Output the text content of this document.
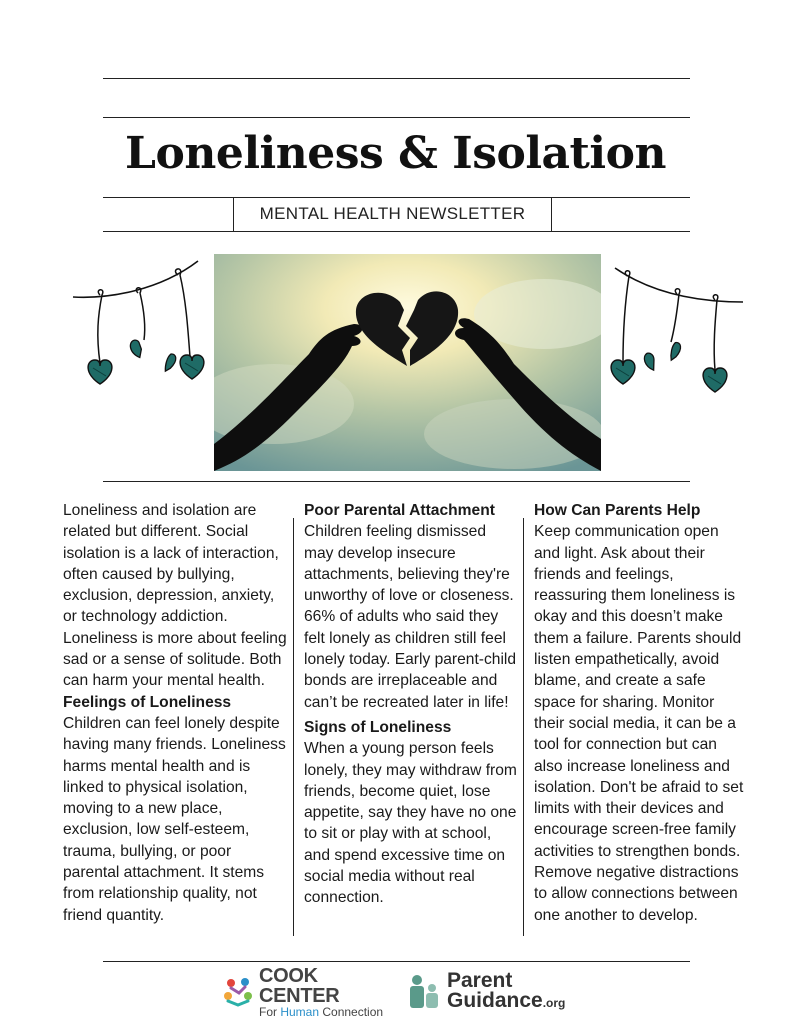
Loneliness & Isolation
MENTAL HEALTH NEWSLETTER

Loneliness and isolation are related but different. Social isolation is a lack of interaction, often caused by bullying, exclusion, depression, anxiety, or technology addiction. Loneliness is more about feeling sad or a sense of solitude. Both can harm your mental health.

Feelings of Loneliness

Children can feel lonely despite having many friends. Loneliness harms mental health and is linked to physical isolation, moving to a new place, exclusion, low self-esteem, trauma, bullying, or poor parental attachment. It stems from relationship quality, not friend quantity.

Poor Parental Attachment

Children feeling dismissed may develop insecure attachments, believing they're unworthy of love or closeness. 66% of adults who said they felt lonely as children still feel lonely today. Early parent-child bonds are irreplaceable and can’t be recreated later in life!

Signs of Loneliness

When a young person feels lonely, they may withdraw from friends, become quiet, lose appetite, say they have no one to sit or play with at school, and spend excessive time on social media without real connection.

How Can Parents Help

Keep communication open and light. Ask about their friends and feelings, reassuring them loneliness is okay and this doesn’t make them a failure. Parents should listen empathetically, avoid blame, and create a safe space for sharing. Monitor their social media, it can be a tool for connection but can also increase loneliness and isolation. Don't be afraid to set limits with their devices and encourage screen-free family activities to strengthen bonds. Remove negative distractions to allow connections between one another to develop.

COOK CENTER
For Human Connection
Parent
Guidance.org
